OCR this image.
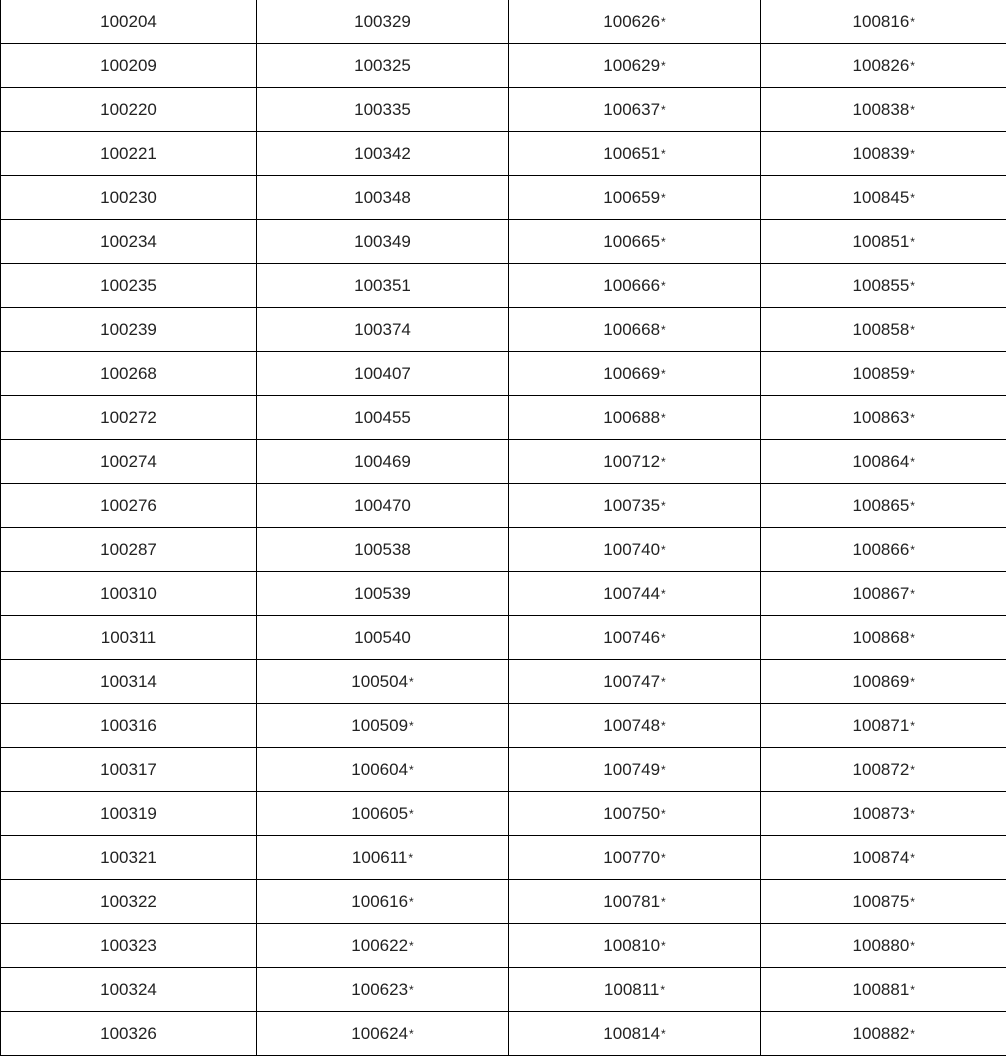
100204	100329	100626*	100816*
100209	100325	100629*	100826*
100220	100335	100637*	100838*
100221	100342	100651*	100839*
100230	100348	100659*	100845*
100234	100349	100665*	100851*
100235	100351	100666*	100855*
100239	100374	100668*	100858*
100268	100407	100669*	100859*
100272	100455	100688*	100863*
100274	100469	100712*	100864*
100276	100470	100735*	100865*
100287	100538	100740*	100866*
100310	100539	100744*	100867*
100311	100540	100746*	100868*
100314	100504*	100747*	100869*
100316	100509*	100748*	100871*
100317	100604*	100749*	100872*
100319	100605*	100750*	100873*
100321	100611*	100770*	100874*
100322	100616*	100781*	100875*
100323	100622*	100810*	100880*
100324	100623*	100811*	100881*
100326	100624*	100814*	100882*
